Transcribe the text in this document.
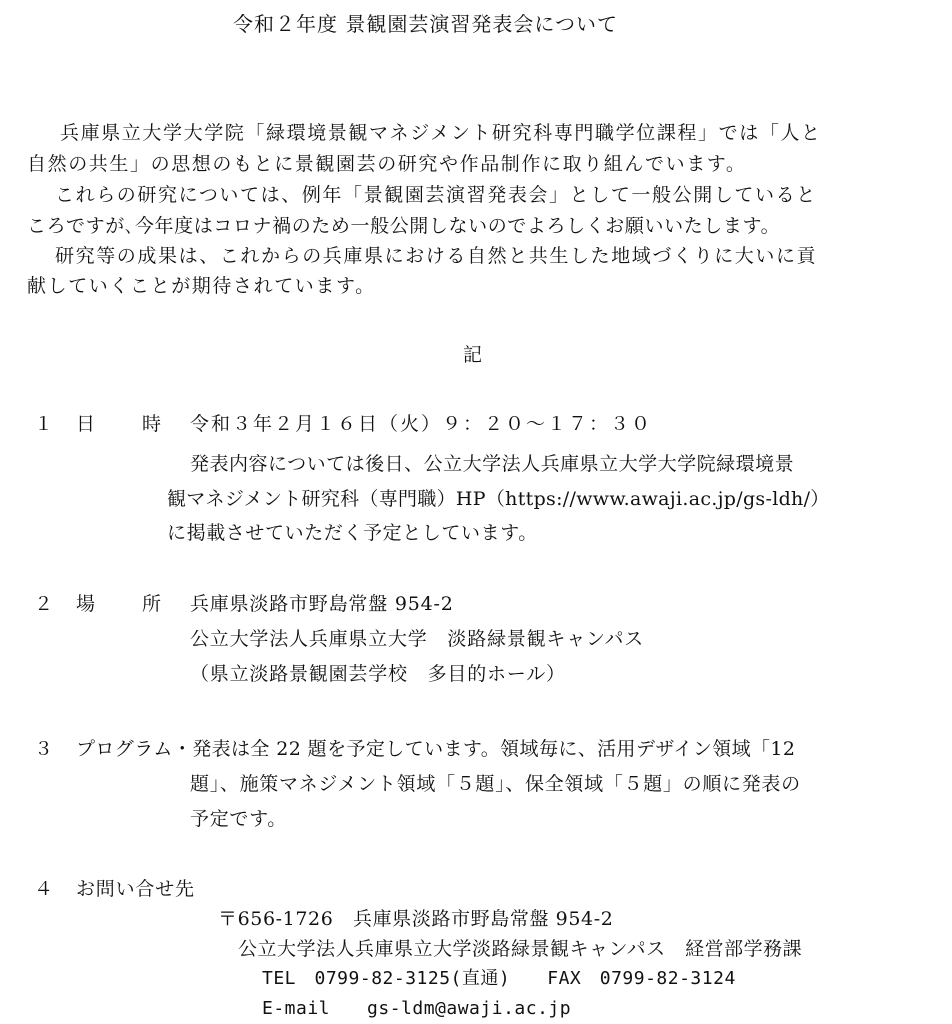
令和２年度 景観園芸演習発表会について
兵庫県立大学大学院「緑環境景観マネジメント研究科専門職学位課程」では「人と
自然の共生」の思想のもとに景観園芸の研究や作品制作に取り組んでいます。
これらの研究については、例年「景観園芸演習発表会」として一般公開していると
ころですが､今年度はコロナ禍のため一般公開しないのでよろしくお願いいたします。
研究等の成果は、これからの兵庫県における自然と共生した地域づくりに大いに貢
献していくことが期待されています。
記
１ 日　時 令和３年２月１６日（火）９：２０～１７：３０
発表内容については後日、公立大学法人兵庫県立大学大学院緑環境景
観マネジメント研究科（専門職）HP（https://www.awaji.ac.jp/gs-ldh/）
に掲載させていただく予定としています。
２ 場　所 兵庫県淡路市野島常盤 954-2
公立大学法人兵庫県立大学　淡路緑景観キャンパス
（県立淡路景観園芸学校　多目的ホール）
３ プログラム・発表は全 22 題を予定しています。領域毎に、活用デザイン領域「12
題」、施策マネジメント領域「５題」、保全領域「５題」の順に発表の
予定です。
４ お問い合せ先
〒656-1726　兵庫県淡路市野島常盤 954-2
公立大学法人兵庫県立大学淡路緑景観キャンパス　経営部学務課
TEL　0799-82-3125(直通)　　FAX　0799-82-3124
E-mail　　gs-ldm@awaji.ac.jp
